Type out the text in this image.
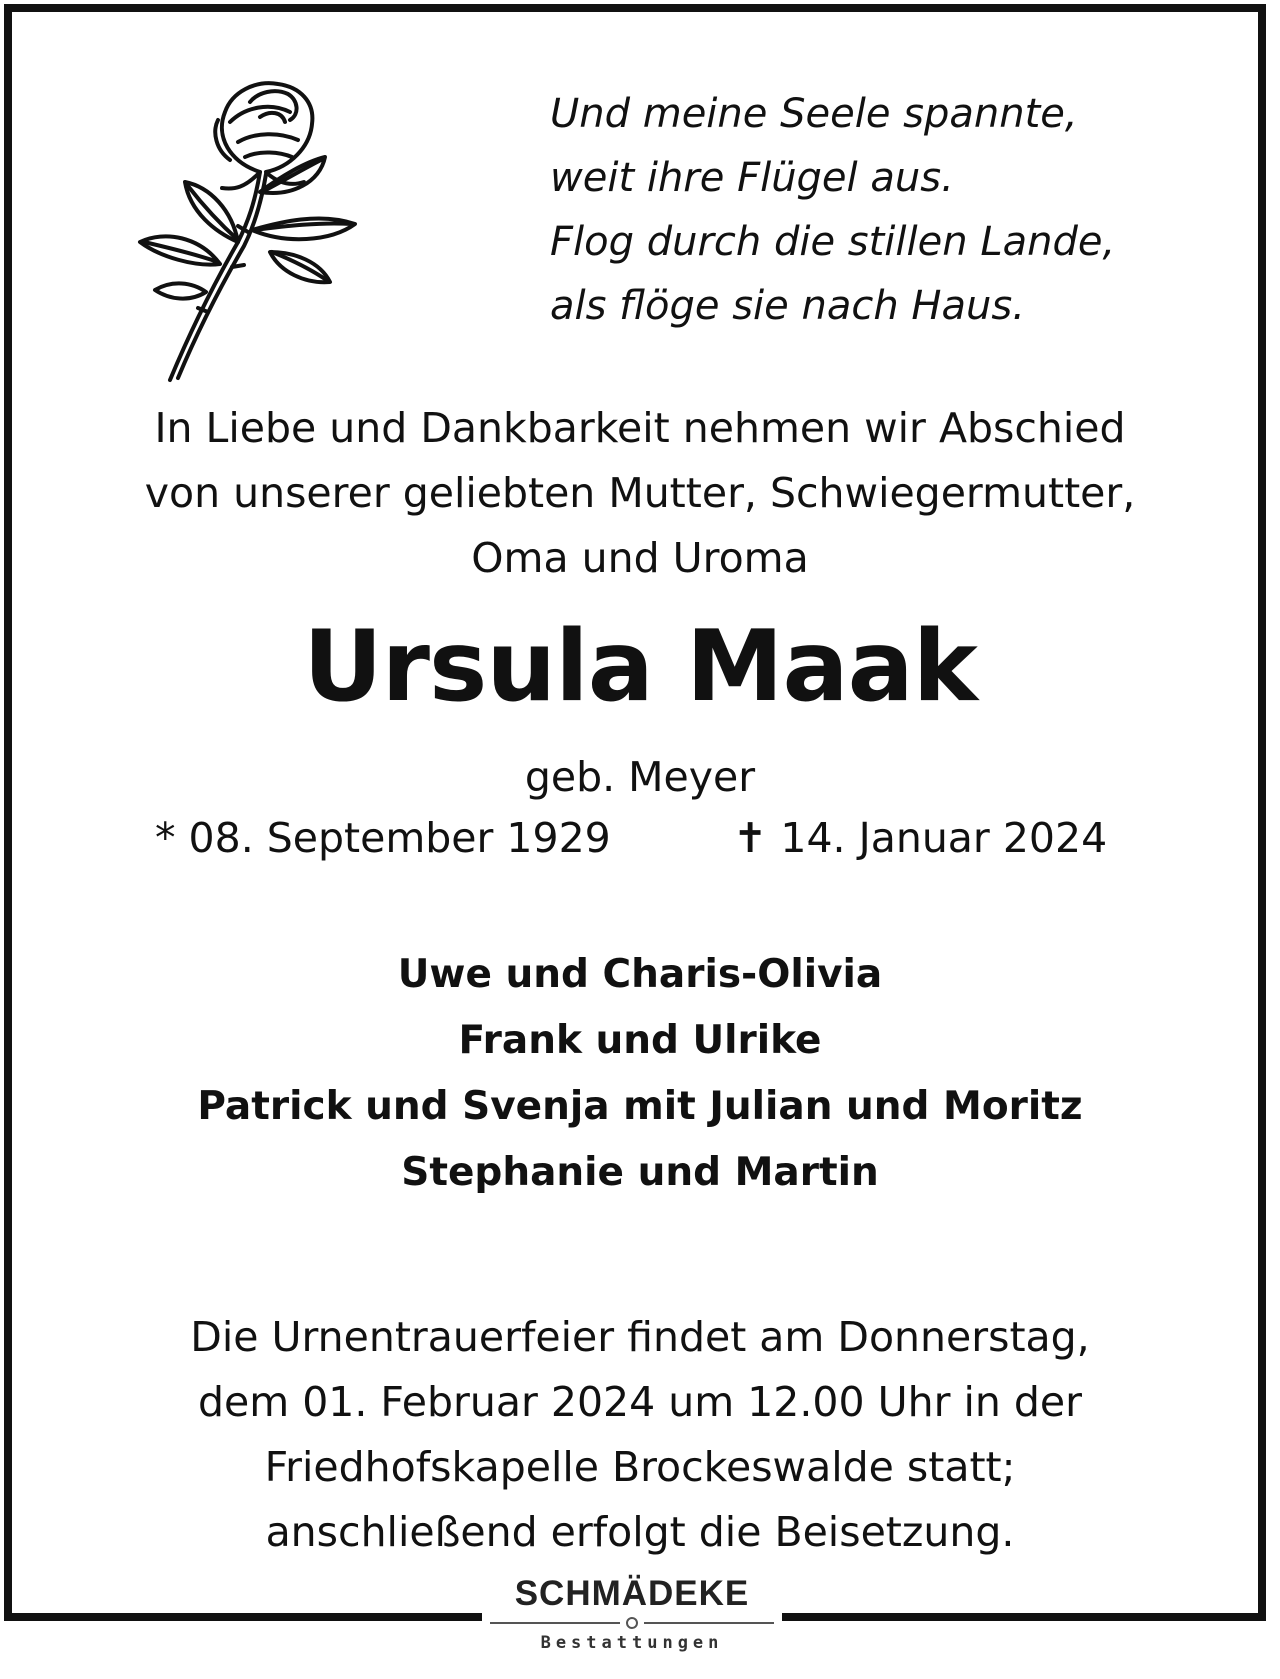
Und meine Seele spannte,
weit ihre Flügel aus.
Flog durch die stillen Lande,
als flöge sie nach Haus.
In Liebe und Dankbarkeit nehmen wir Abschied
von unserer geliebten Mutter, Schwiegermutter,
Oma und Uroma
Ursula Maak
geb. Meyer
* 08. September 1929	✝ 14. Januar 2024
Uwe und Charis-Olivia
Frank und Ulrike
Patrick und Svenja mit Julian und Moritz
Stephanie und Martin
Die Urnentrauerfeier findet am Donnerstag,
dem 01. Februar 2024 um 12.00 Uhr in der
Friedhofskapelle Brockeswalde statt;
anschließend erfolgt die Beisetzung.
SCHMÄDEKE
Bestattungen
